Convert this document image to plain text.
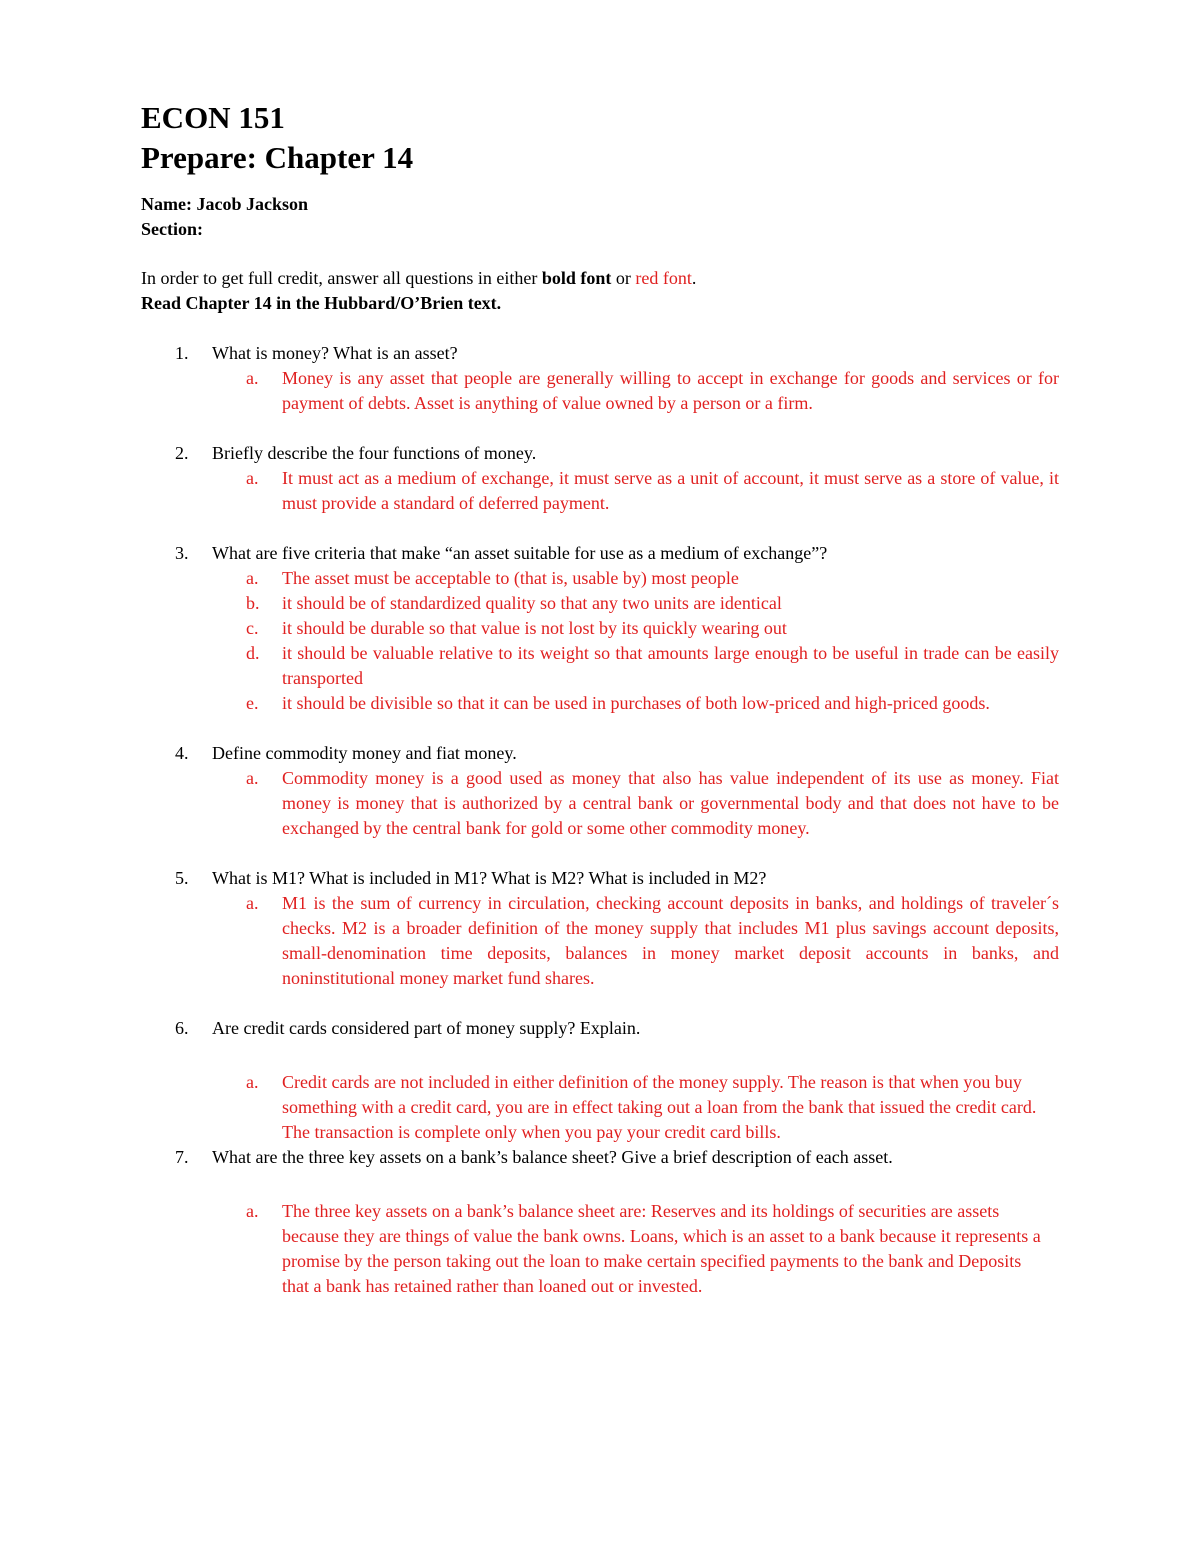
ECON 151
Prepare: Chapter 14

Name: Jacob Jackson

Section:

In order to get full credit, answer all questions in either bold font or red font.

Read Chapter 14 in the Hubbard/O’Brien text.

1. What is money? What is an asset?
a. Money is any asset that people are generally willing to accept in exchange for goods and services or for payment of debts. Asset is anything of value owned by a person or a firm.
2. Briefly describe the four functions of money.
a. It must act as a medium of exchange, it must serve as a unit of account, it must serve as a store of value, it must provide a standard of deferred payment.
3. What are five criteria that make “an asset suitable for use as a medium of exchange”?
a. The asset must be acceptable to (that is, usable by) most people
b. it should be of standardized quality so that any two units are identical
c. it should be durable so that value is not lost by its quickly wearing out
d. it should be valuable relative to its weight so that amounts large enough to be useful in trade can be easily transported
e. it should be divisible so that it can be used in purchases of both low-priced and high-priced goods.
4. Define commodity money and fiat money.
a. Commodity money is a good used as money that also has value independent of its use as money. Fiat money is money that is authorized by a central bank or governmental body and that does not have to be exchanged by the central bank for gold or some other commodity money.
5. What is M1? What is included in M1? What is M2? What is included in M2?
a. M1 is the sum of currency in circulation, checking account deposits in banks, and holdings of traveler´s checks. M2 is a broader definition of the money supply that includes M1 plus savings account deposits, small-denomination time deposits, balances in money market deposit accounts in banks, and noninstitutional money market fund shares.
6. Are credit cards considered part of money supply? Explain.
a. Credit cards are not included in either definition of the money supply. The reason is that when you buy something with a credit card, you are in effect taking out a loan from the bank that issued the credit card. The transaction is complete only when you pay your credit card bills.
7. What are the three key assets on a bank’s balance sheet? Give a brief description of each asset.
a. The three key assets on a bank’s balance sheet are: Reserves and its holdings of securities are assets because they are things of value the bank owns. Loans, which is an asset to a bank because it represents a promise by the person taking out the loan to make certain specified payments to the bank and Deposits that a bank has retained rather than loaned out or invested.
